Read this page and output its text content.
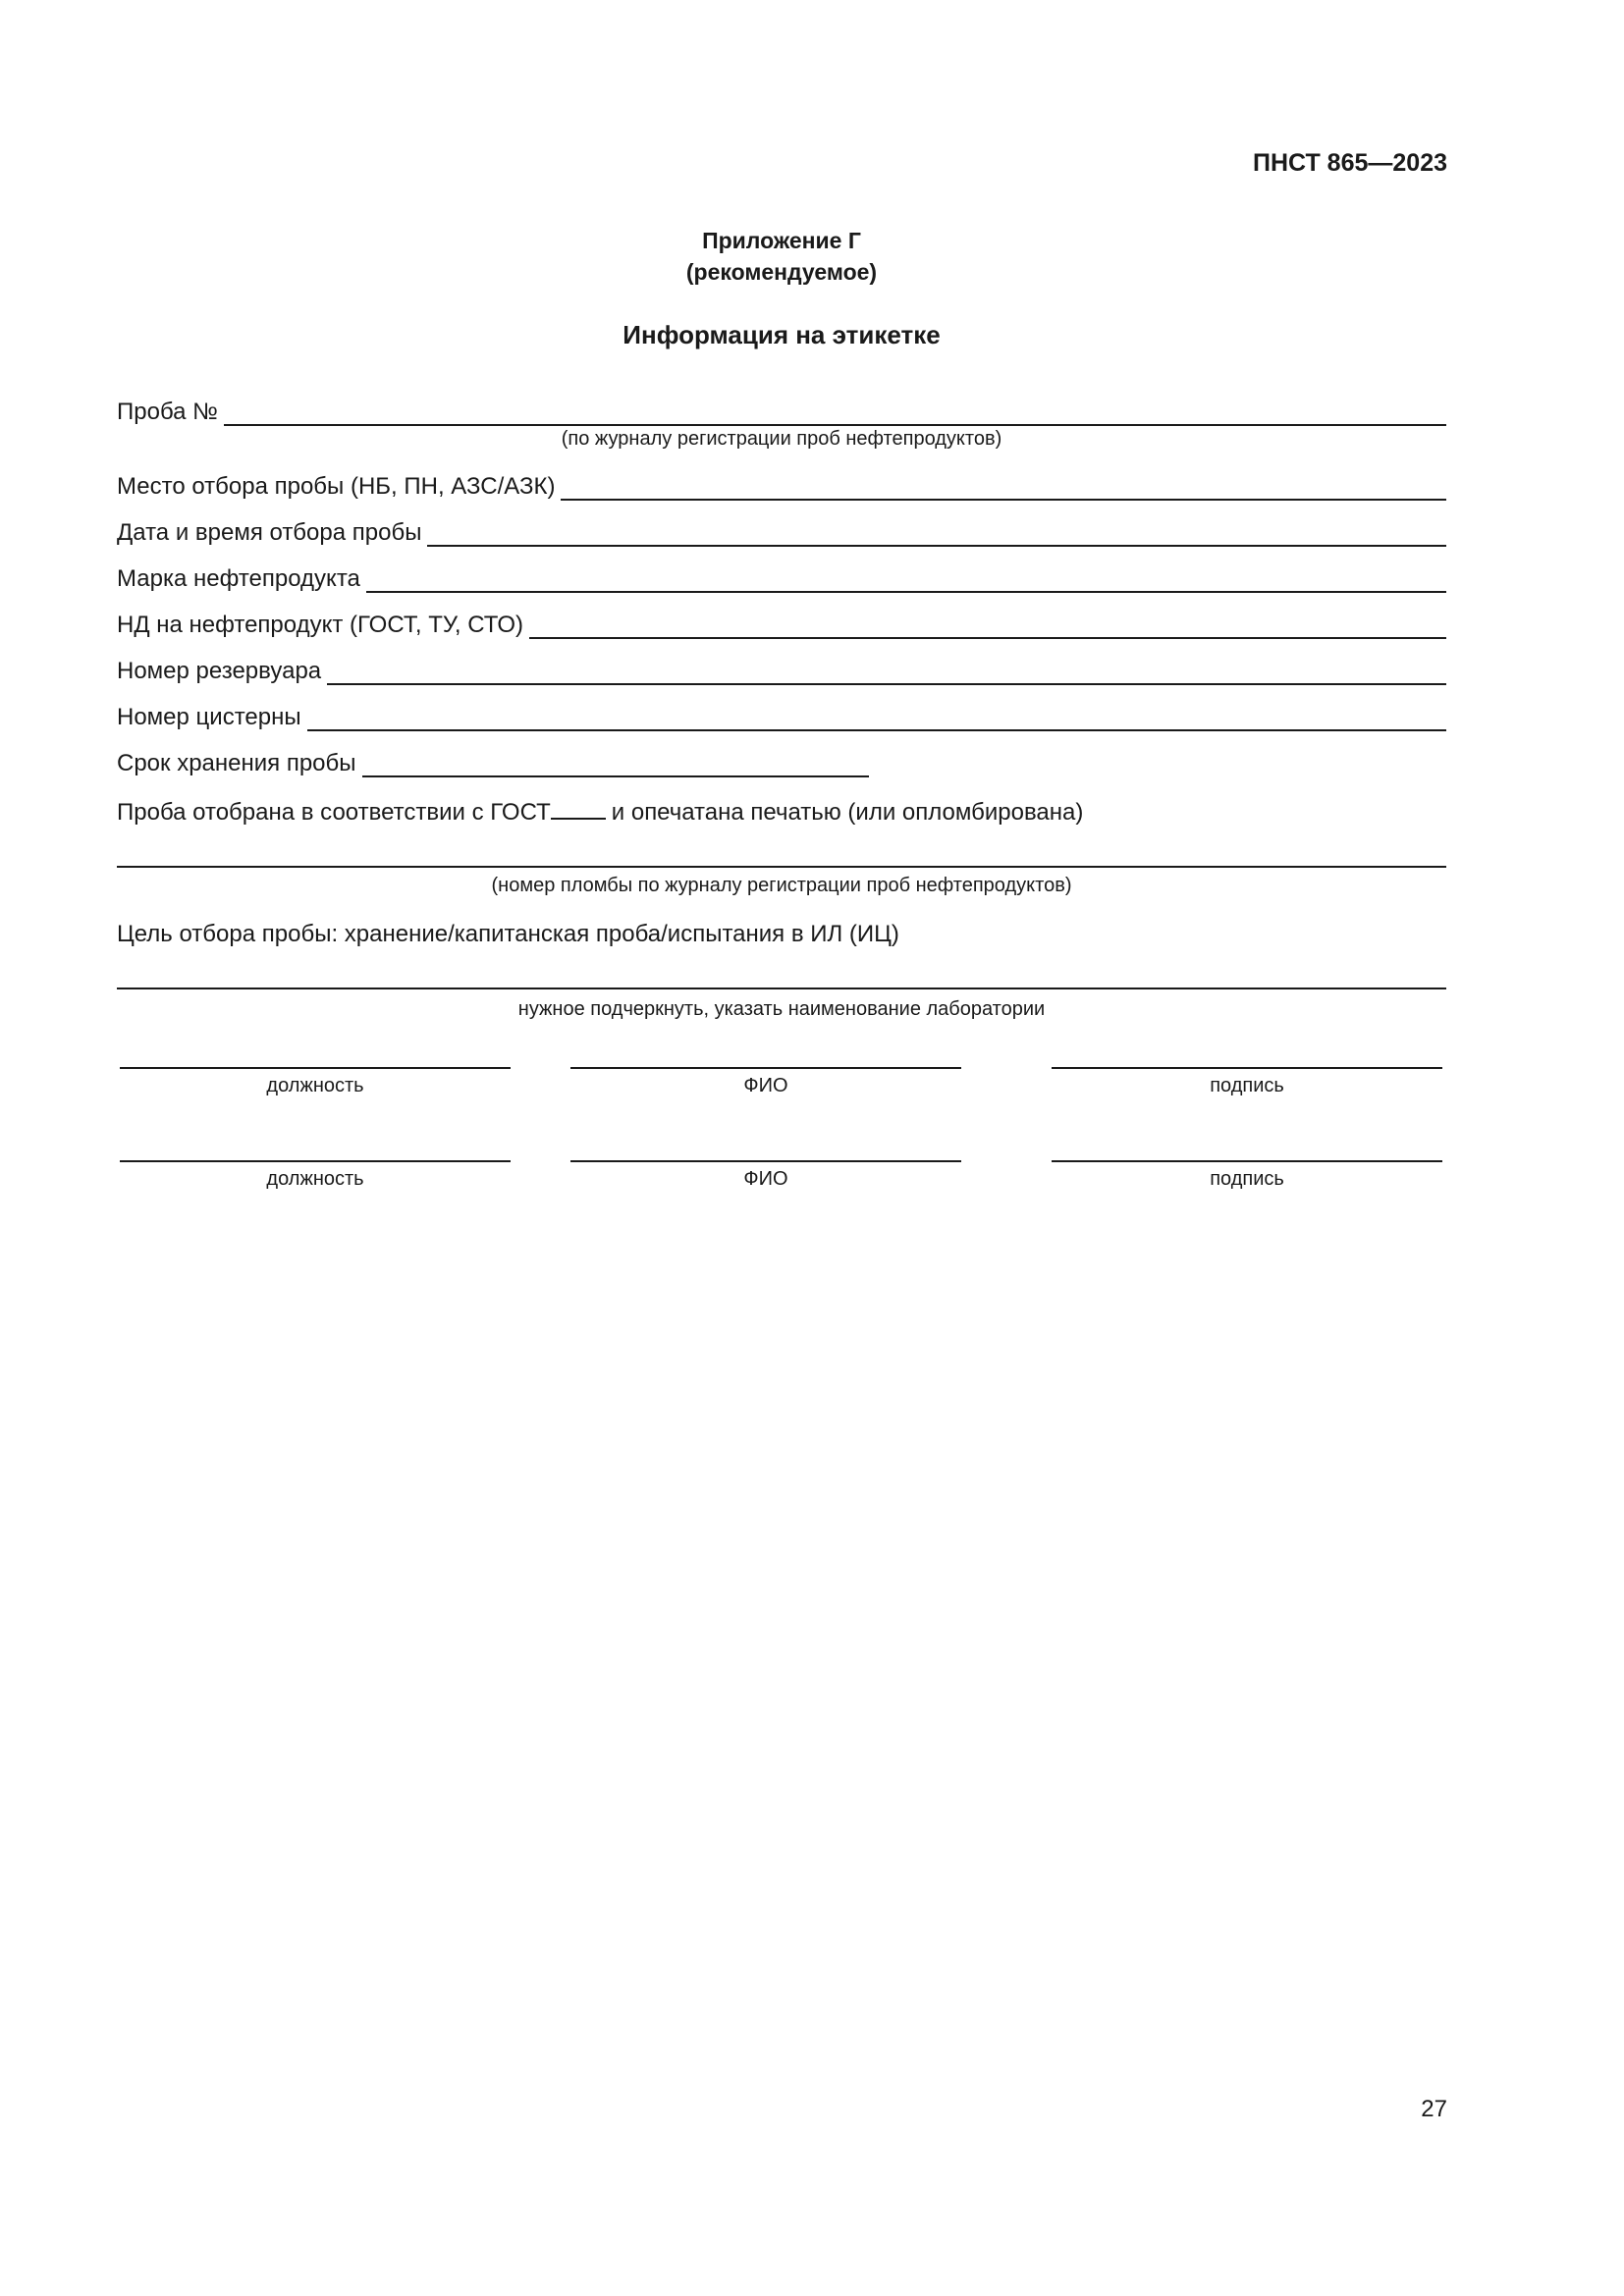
ПНСТ 865—2023
Приложение Г
(рекомендуемое)
Информация на этикетке
Проба №
(по журналу регистрации проб нефтепродуктов)
Место отбора пробы (НБ, ПН, АЗС/АЗК)
Дата и время отбора пробы
Марка нефтепродукта
НД на нефтепродукт (ГОСТ, ТУ, СТО)
Номер резервуара
Номер цистерны
Срок хранения пробы
Проба отобрана в соответствии с ГОСТ	и опечатана печатью (или опломбирована)
(номер пломбы по журналу регистрации проб нефтепродуктов)
Цель отбора пробы: хранение/капитанская проба/испытания в ИЛ (ИЦ)
нужное подчеркнуть, указать наименование лаборатории
должность	ФИО	подпись
должность	ФИО	подпись
27
